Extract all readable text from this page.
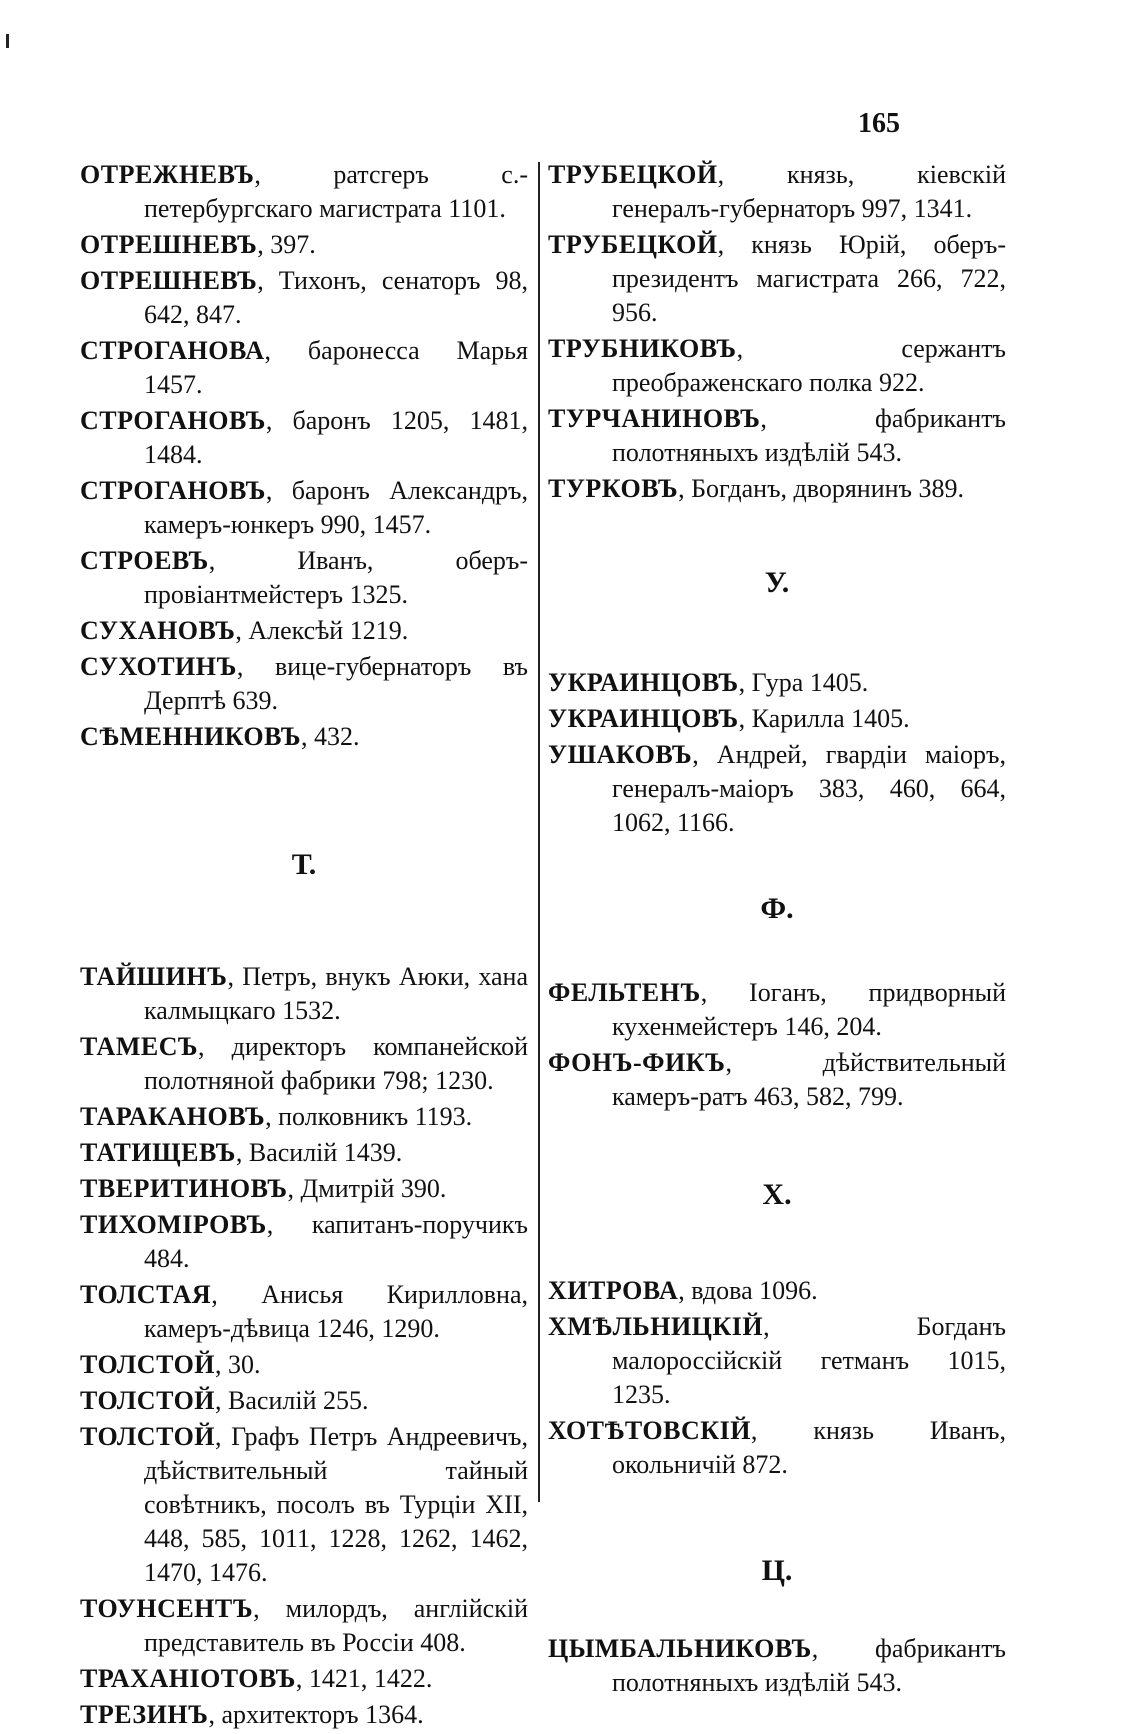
165
ОТРЕЖНЕВЪ, ратсгеръ с.-петербургскаго магистрата 1101.
ОТРЕШНЕВЪ, 397.
ОТРЕШНЕВЪ, Тихонъ, сенаторъ 98, 642, 847.
СТРОГАНОВА, баронесса Марья 1457.
СТРОГАНОВЪ, баронъ 1205, 1481, 1484.
СТРОГАНОВЪ, баронъ Александръ, камеръ-юнкеръ 990, 1457.
СТРОЕВЪ, Иванъ, оберъ-провіантмейстеръ 1325.
СУХАНОВЪ, Алексѣй 1219.
СУХОТИНЪ, вице-губернаторъ въ Дерптѣ 639.
СѢМЕННИКОВЪ, 432.
Т.
ТАЙШИНЪ, Петръ, внукъ Аюки, хана калмыцкаго 1532.
ТАМЕСЪ, директоръ компанейской полотняной фабрики 798; 1230.
ТАРАКАНОВЪ, полковникъ 1193.
ТАТИЩЕВЪ, Василій 1439.
ТВЕРИТИНОВЪ, Дмитрій 390.
ТИХОМІРОВЪ, капитанъ-поручикъ 484.
ТОЛСТАЯ, Анисья Кирилловна, камеръ-дѣвица 1246, 1290.
ТОЛСТОЙ, 30.
ТОЛСТОЙ, Василій 255.
ТОЛСТОЙ, Графъ Петръ Андреевичъ, дѣйствительный тайный совѣтникъ, посолъ въ Турціи XII, 448, 585, 1011, 1228, 1262, 1462, 1470, 1476.
ТОУНСЕНТЪ, милордъ, англійскій представитель въ Россіи 408.
ТРАХАНІОТОВЪ, 1421, 1422.
ТРЕЗИНЪ, архитекторъ 1364.
ТРУБЕЦКОЙ, князь, кіевскій генералъ-губернаторъ 997, 1341.
ТРУБЕЦКОЙ, князь Юрій, оберъ-президентъ магистрата 266, 722, 956.
ТРУБНИКОВЪ, сержантъ преображенскаго полка 922.
ТУРЧАНИНОВЪ, фабрикантъ полотняныхъ издѣлій 543.
ТУРКОВЪ, Богданъ, дворянинъ 389.
У.
УКРАИНЦОВЪ, Гура 1405.
УКРАИНЦОВЪ, Карилла 1405.
УШАКОВЪ, Андрей, гвардіи маіоръ, генералъ-маіоръ 383, 460, 664, 1062, 1166.
Ф.
ФЕЛЬТЕНЪ, Іоганъ, придворный кухенмейстеръ 146, 204.
ФОНЪ-ФИКЪ, дѣйствительный камеръ-ратъ 463, 582, 799.
Х.
ХИТРОВА, вдова 1096.
ХМѢЛЬНИЦКІЙ, Богданъ малороссійскій гетманъ 1015, 1235.
ХОТѢТОВСКІЙ, князь Иванъ, окольничій 872.
Ц.
ЦЫМБАЛЬНИКОВЪ, фабрикантъ полотняныхъ издѣлій 543.
